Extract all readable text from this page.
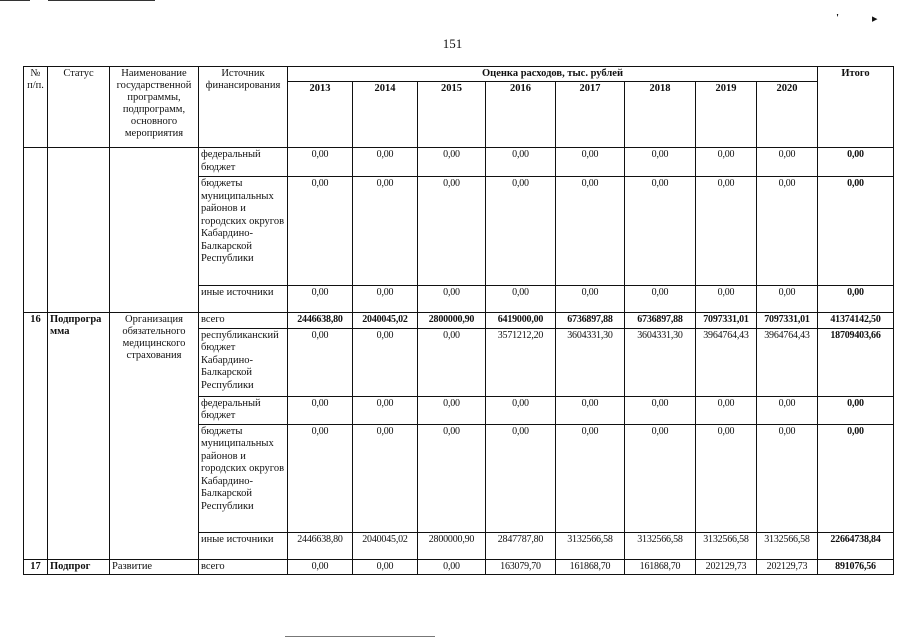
'	▸
151
№ п/п.	Статус	Наименование государственной программы, подпрограмм, основного мероприятия	Источник финансирования	Оценка расходов, тыс. рублей								Итого
				2013	2014	2015	2016	2017	2018	2019	2020	
			федеральный бюджет	0,00	0,00	0,00	0,00	0,00	0,00	0,00	0,00	0,00
			бюджеты муниципальных районов и городских округов Кабардино-Балкарской Республики	0,00	0,00	0,00	0,00	0,00	0,00	0,00	0,00	0,00
			иные источники	0,00	0,00	0,00	0,00	0,00	0,00	0,00	0,00	0,00
16	Подпрограмма	Организация обязательного медицинского страхования	всего	2446638,80	2040045,02	2800000,90	6419000,00	6736897,88	6736897,88	7097331,01	7097331,01	41374142,50
			республиканский бюджет Кабардино-Балкарской Республики	0,00	0,00	0,00	3571212,20	3604331,30	3604331,30	3964764,43	3964764,43	18709403,66
			федеральный бюджет	0,00	0,00	0,00	0,00	0,00	0,00	0,00	0,00	0,00
			бюджеты муниципальных районов и городских округов Кабардино-Балкарской Республики	0,00	0,00	0,00	0,00	0,00	0,00	0,00	0,00	0,00
			иные источники	2446638,80	2040045,02	2800000,90	2847787,80	3132566,58	3132566,58	3132566,58	3132566,58	22664738,84
17	Подпрог	Развитие	всего	0,00	0,00	0,00	163079,70	161868,70	161868,70	202129,73	202129,73	891076,56
